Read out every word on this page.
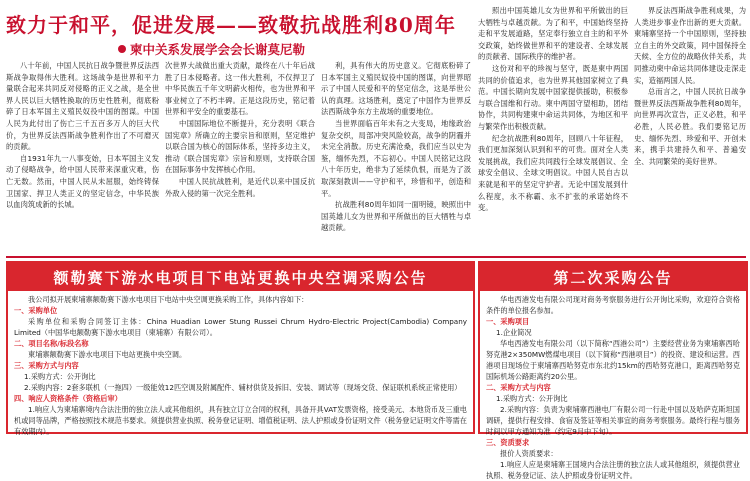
致力于和平，促进发展——致敬抗战胜利80周年
柬中关系发展学会会长谢莫尼勒

八十年前，中国人民抗日战争暨世界反法西斯战争取得伟大胜利。这场战争是世界和平力量联合起来共同反对侵略的正义之战，是全世界人民以巨大牺牲换取的历史性胜利，彻底粉碎了日本军国主义殖民奴役中国的图谋。中国人民为此付出了伤亡三千五百多万人的巨大代价，为世界反法西斯战争胜利作出了不可磨灭的贡献。

自1931年九一八事变始，日本军国主义发动了侵略战争，给中国人民带来深重灾难，伤亡无数。然而，中国人民从未屈服，始终铸保卫国家、捍卫人类正义的坚定信念，中华民族以血肉筑成新的长城。

次世界大战做出重大贡献，最终在八十年后战胜了日本侵略者。这一伟大胜利，不仅捍卫了中华民族五千年文明薪火相传，也为世界和平事业树立了不朽丰碑。正是这段历史，铭记着世界和平安全的重要基石。

中国国际地位不断提升，充分表明《联合国宪章》所确立的主要宗旨和原则，坚定维护以联合国为核心的国际体系，坚持多边主义，推动《联合国宪章》宗旨和原则，支持联合国在国际事务中发挥核心作用。

中国人民抗战胜利，是近代以来中国反抗外敌入侵的第一次完全胜利。

利，具有伟大的历史意义。它彻底粉碎了日本军国主义殖民奴役中国的图谋，向世界昭示了中国人民爱和平的坚定信念，这是举世公认的真理。这场胜利，奠定了中国作为世界反法西斯战争东方主战场的重要地位。

当世界面临百年未有之大变局，地缘政治复杂交织，局部冲突风险较高，战争的阴霾并未完全消散。历史充满沧桑，我们应当以史为鉴，缅怀先烈，不忘初心。中国人民铭记这段八十年历史，绝非为了延续仇恨，而是为了汲取深刻教训——守护和平，珍惜和平，创造和平。

抗战胜利80周年如同一面明镜，映照出中国英雄儿女为世界和平所做出的巨大牺牲与卓越贡献。

照出中国英雄儿女为世界和平所做出的巨大牺牲与卓越贡献。为了和平，中国始终坚持走和平发展道路，坚定奉行独立自主的和平外交政策，始终做世界和平的建设者、全球发展的贡献者、国际秩序的维护者。

这份对和平的珍视与坚守，既是柬中两国共同的价值追求，也为世界其他国家树立了典范。中国长期向发展中国家提供援助，积极参与联合国维和行动。柬中两国守望相助，团结协作，共同构建柬中命运共同体，为地区和平与繁荣作出积极贡献。

纪念抗战胜利80周年，回顾八十年征程，我们更加深刻认识到和平的可贵。面对全人类发展挑战，我们应共同践行全球发展倡议、全球安全倡议、全球文明倡议。中国人民自古以来就是和平的坚定守护者。无论中国发展到什么程度，永不称霸、永不扩张的承诺始终不变。

界反法西斯战争胜利成果，为人类进步事业作出新的更大贡献。柬埔寨坚持一个中国原则，坚持独立自主的外交政策，同中国保持全天候、全方位的战略伙伴关系，共同推动柬中命运共同体建设走深走实，造福两国人民。

总而言之，中国人民抗日战争暨世界反法西斯战争胜利80周年，向世界再次宣告，正义必胜，和平必胜，人民必胜。我们要铭记历史、缅怀先烈、珍爱和平、开创未来，携手共建持久和平、普遍安全、共同繁荣的美好世界。

额勒赛下游水电项目下电站更换中央空调采购公告
我公司拟开展柬埔寨额勒赛下游水电项目下电站中央空调更换采购工作，具体内容如下：
一、采购单位
采购单位和采购合同签订主体：China Huadian Lower Stung Russei Chrum Hydro-Electric Project(Cambodia) Company Limited（中国华电额勒赛下游水电项目（柬埔寨）有限公司）。
二、项目名称/标段名称
柬埔寨额勒赛下游水电项目下电站更换中央空调。
三、采购方式与内容
1.采购方式：公开询比
2.采购内容：2套多联机（一拖四）一级能效12匹空调及附属配件、辅材供货及拆旧、安装、调试等（现场交货、保证联机系统正常使用）
四、响应人资格条件（资格后审）
1.响应人为柬埔寨境内合法注册的独立法人或其他组织，具有独立订立合同的权利，具备开具VAT发票资格，接受美元、本地货币及三重电机或同等品牌，严格按照技术规范书要求。须提供营业执照、税务登记证明、增值税证明、法人护照或身份证明文件（税务登记证明文件等需在有效期内）。
第二次采购公告
华电西港发电有限公司现对商务考察服务进行公开询比采购，欢迎符合资格条件的单位报名参加。
一、采购项目
1.企业简况
华电西港发电有限公司（以下简称“西港公司”）主要经营业务为柬埔寨西哈努克港2×350MW燃煤电项目（以下简称“西港项目”）的投资、建设和运营。西港项目现场位于柬埔寨西哈努克市东北约15km的西哈努克港口，距离西哈努克国际机场公路距离约20公里。
二、采购方式与内容
1.采购方式：公开询比
2.采购内容：负责为柬埔寨西港电厂有限公司一行赴中国以及哈萨克斯坦国调研，提供行程安排、食宿及签证等相关事宜的商务考察服务。最终行程与服务时间以甲方通知为准（约定9月中下旬）。
三、资质要求
报价人资质要求：
1.响应人应是柬埔寨王国境内合法注册的独立法人或其他组织，须提供营业执照、税务登记证、法人护照或身份证明文件。
